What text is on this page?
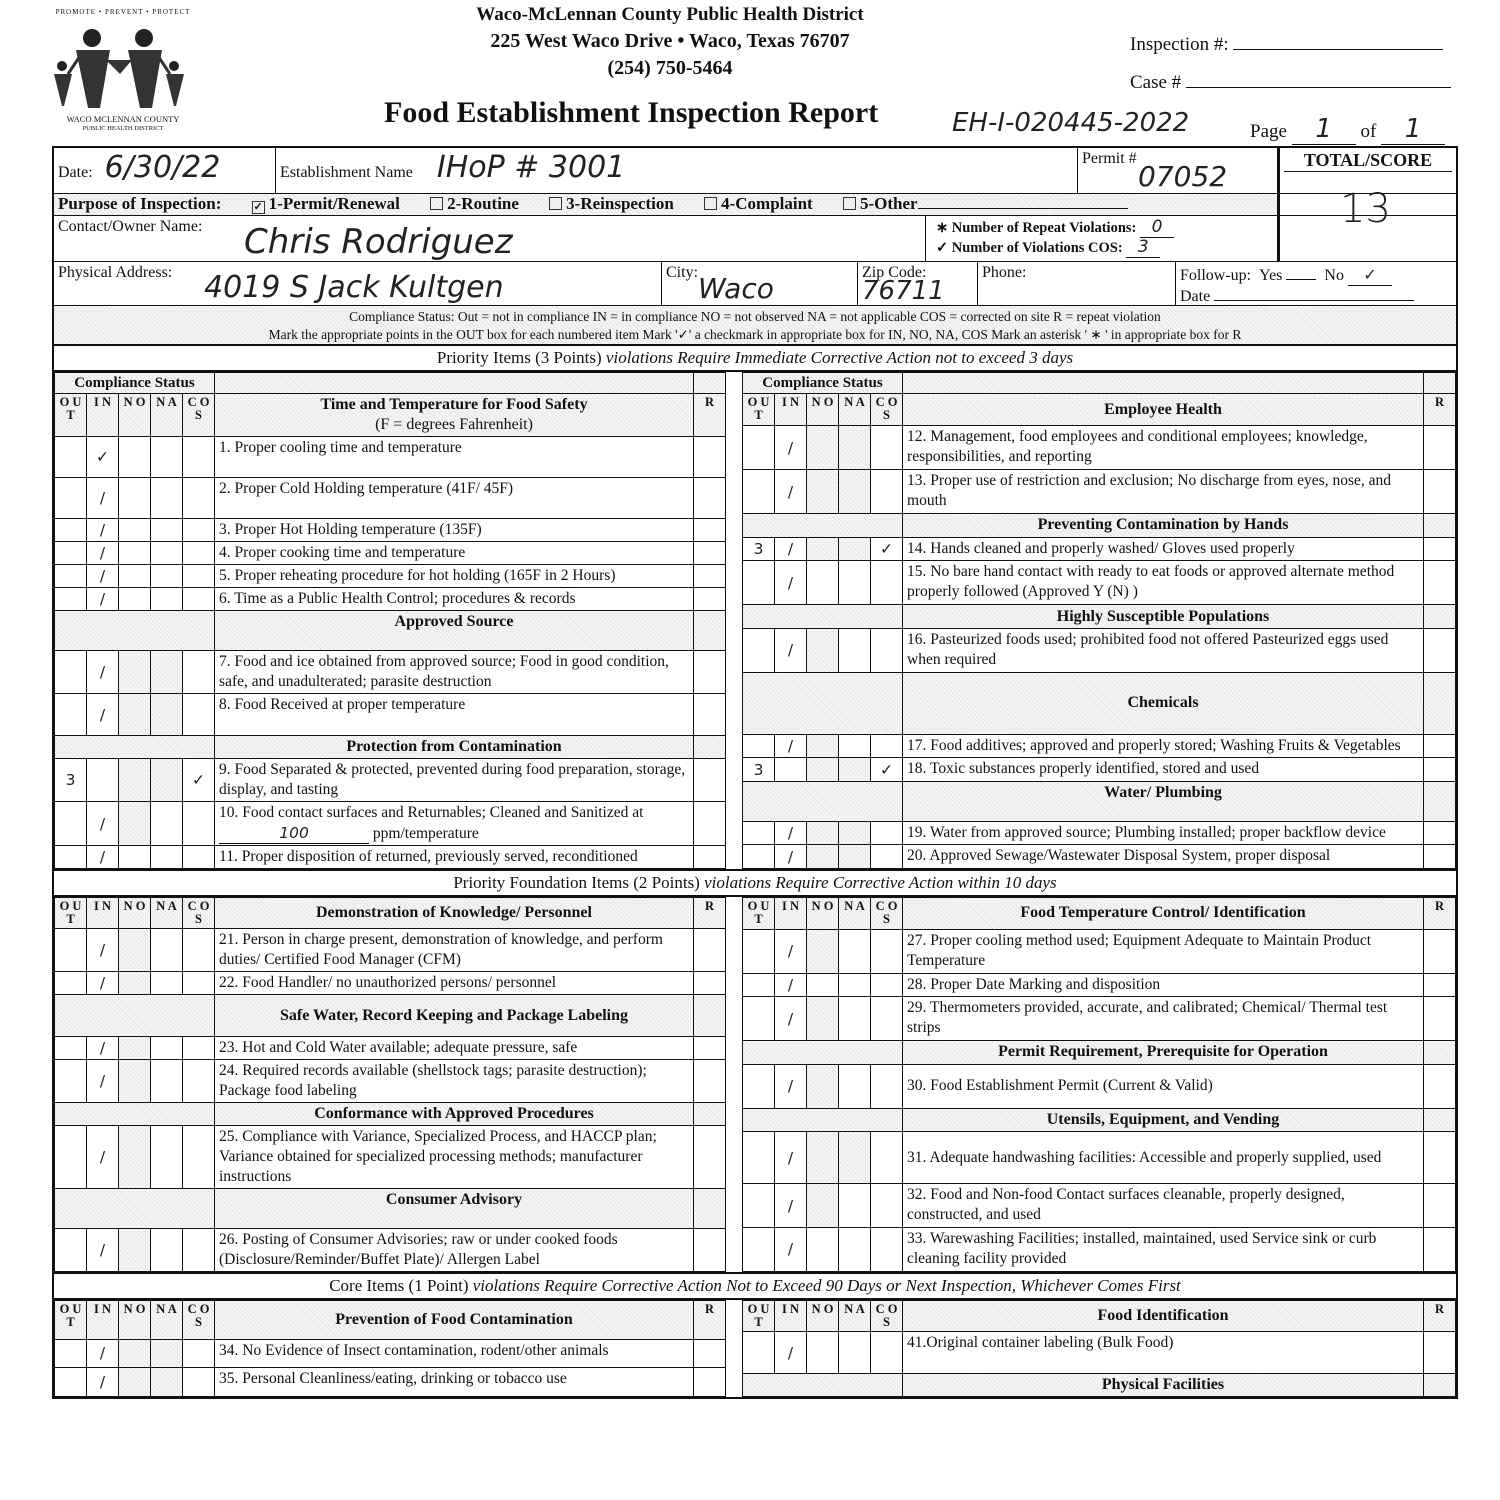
PROMOTE • PREVENT • PROTECT
WACO MCLENNAN COUNTY
PUBLIC HEALTH DISTRICT
Waco-McLennan County Public Health District
225 West Waco Drive • Waco, Texas 76707
(254) 750-5464
Food Establishment Inspection Report	EH-I-020445-2022
Inspection #:
Case #
Page 1 of 1
Date: 6/30/22	Establishment Name IHoP # 3001	Permit #
07052	TOTAL/SCORE
Purpose of Inspection:	✓ 1-Permit/Renewal	2-Routine	3-Reinspection	4-Complaint	5-Other	13
Contact/Owner Name: Chris Rodriguez	∗ Number of Repeat Violations: 0
✓ Number of Violations COS: 3
Physical Address: 4019 S Jack Kultgen	City: Waco	Zip Code:
76711
Phone:	Follow-up: Yes	No ✓
Date
Compliance Status: Out = not in compliance IN = in compliance NO = not observed NA = not applicable COS = corrected on site R = repeat violation
Mark the appropriate points in the OUT box for each numbered item Mark '✓' a checkmark in appropriate box for IN, NO, NA, COS Mark an asterisk ' ∗ ' in appropriate box for R
Priority Items (3 Points) violations Require Immediate Corrective Action not to exceed 3 days
Compliance Status						
O U T	I N	N O	N A	C O S	Time and Temperature for Food Safety
(F = degrees Fahrenheit)	R
	✓				1. Proper cooling time and temperature	
	/				2. Proper Cold Holding temperature (41F/ 45F)	
	/				3. Proper Hot Holding temperature (135F)	
	/				4. Proper cooking time and temperature	
	/				5. Proper reheating procedure for hot holding (165F in 2 Hours)	
	/				6. Time as a Public Health Control; procedures & records	
					Approved Source	
	/				7. Food and ice obtained from approved source; Food in good condition, safe, and unadulterated; parasite destruction	
	/				8. Food Received at proper temperature	
					Protection from Contamination	
3				✓	9. Food Separated & protected, prevented during food preparation, storage, display, and tasting	
	/				10. Food contact surfaces and Returnables; Cleaned and Sanitized at 100 ppm/temperature	
	/				11. Proper disposition of returned, previously served, reconditioned	
Compliance Status						
O U T	I N	N O	N A	C O S	Employee Health	R
	/				12. Management, food employees and conditional employees; knowledge, responsibilities, and reporting	
	/				13. Proper use of restriction and exclusion; No discharge from eyes, nose, and mouth	
					Preventing Contamination by Hands	
3	/			✓	14. Hands cleaned and properly washed/ Gloves used properly	
	/				15. No bare hand contact with ready to eat foods or approved alternate method properly followed (Approved Y (N) )	
					Highly Susceptible Populations	
	/				16. Pasteurized foods used; prohibited food not offered Pasteurized eggs used when required	
					Chemicals	
	/				17. Food additives; approved and properly stored; Washing Fruits & Vegetables	
3				✓	18. Toxic substances properly identified, stored and used	
					Water/ Plumbing	
	/				19. Water from approved source; Plumbing installed; proper backflow device	
	/				20. Approved Sewage/Wastewater Disposal System, proper disposal	
Priority Foundation Items (2 Points) violations Require Corrective Action within 10 days
O U T	I N	N O	N A	C O S	Demonstration of Knowledge/ Personnel	R
	/				21. Person in charge present, demonstration of knowledge, and perform duties/ Certified Food Manager (CFM)	
	/				22. Food Handler/ no unauthorized persons/ personnel	
					Safe Water, Record Keeping and Package Labeling	
	/				23. Hot and Cold Water available; adequate pressure, safe	
	/				24. Required records available (shellstock tags; parasite destruction); Package food labeling	
					Conformance with Approved Procedures	
	/				25. Compliance with Variance, Specialized Process, and HACCP plan; Variance obtained for specialized processing methods; manufacturer instructions	
					Consumer Advisory	
	/				26. Posting of Consumer Advisories; raw or under cooked foods (Disclosure/Reminder/Buffet Plate)/ Allergen Label	
O U T	I N	N O	N A	C O S	Food Temperature Control/ Identification	R
	/				27. Proper cooling method used; Equipment Adequate to Maintain Product Temperature	
	/				28. Proper Date Marking and disposition	
	/				29. Thermometers provided, accurate, and calibrated; Chemical/ Thermal test strips	
					Permit Requirement, Prerequisite for Operation	
	/				30. Food Establishment Permit (Current & Valid)	
					Utensils, Equipment, and Vending	
	/				31. Adequate handwashing facilities: Accessible and properly supplied, used	
	/				32. Food and Non-food Contact surfaces cleanable, properly designed, constructed, and used	
	/				33. Warewashing Facilities; installed, maintained, used Service sink or curb cleaning facility provided	
Core Items (1 Point) violations Require Corrective Action Not to Exceed 90 Days or Next Inspection, Whichever Comes First
O U T	I N	N O	N A	C O S	Prevention of Food Contamination	R
	/				34. No Evidence of Insect contamination, rodent/other animals	
	/				35. Personal Cleanliness/eating, drinking or tobacco use	
O U T	I N	N O	N A	C O S	Food Identification	R
	/				41.Original container labeling (Bulk Food)	
					Physical Facilities	
